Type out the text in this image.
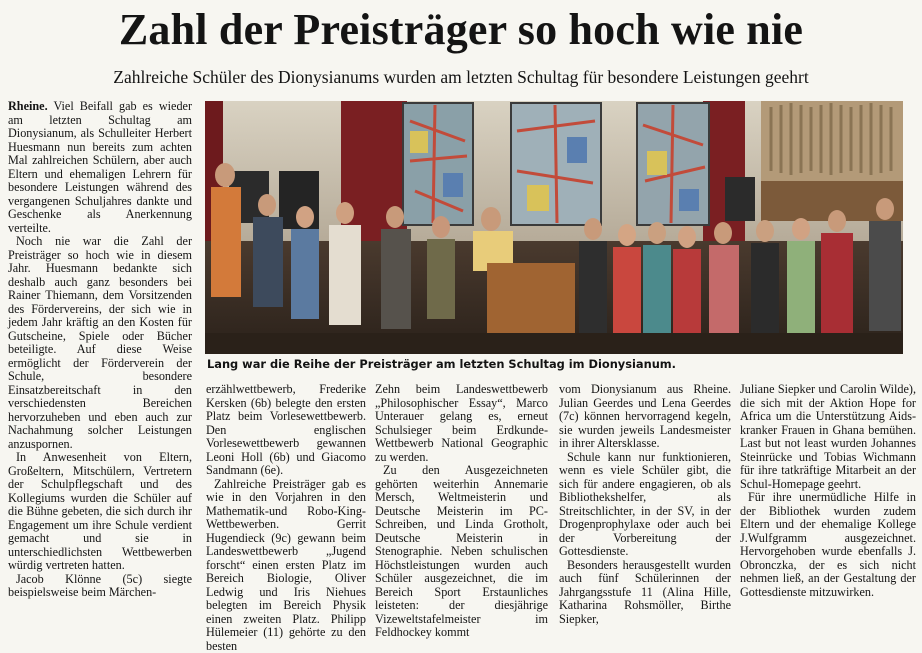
Zahl der Preisträger so hoch wie nie
Zahlreiche Schüler des Dionysianums wurden am letzten Schultag für besondere Leistungen geehrt

Rheine. Viel Beifall gab es wieder am letzten Schultag am Dionysianum, als Schulleiter Herbert Huesmann nun bereits zum achten Mal zahlreichen Schülern, aber auch Eltern und ehemaligen Lehrern für besondere Leistungen während des vergangenen Schuljahres dankte und Geschenke als Anerkennung verteilte.

Noch nie war die Zahl der Preisträger so hoch wie in diesem Jahr. Huesmann bedankte sich deshalb auch ganz besonders bei Rainer Thiemann, dem Vorsitzenden des Fördervereins, der sich wie in jedem Jahr kräftig an den Kosten für Gutscheine, Spiele oder Bücher beteiligte. Auf diese Weise ermöglicht der Förderverein der Schule, besondere Einsatzbereitschaft in den verschiedensten Bereichen hervorzuheben und eben auch zur Nachahmung solcher Leistungen anzuspornen.

In Anwesenheit von Eltern, Großeltern, Mitschülern, Vertretern der Schulpflegschaft und des Kollegiums wurden die Schüler auf die Bühne gebeten, die sich durch ihr Engagement um ihre Schule verdient gemacht und sie in unterschiedlichsten Wettbewerben würdig vertreten hatten.

Jacob Klönne (5c) siegte beispielsweise beim Märchen-

Lang war die Reihe der Preisträger am letzten Schultag im Dionysianum.

erzählwettbewerb, Frederike Kersken (6b) belegte den ersten Platz beim Vorlesewettbewerb. Den englischen Vorlesewettbewerb gewannen Leoni Holl (6b) und Giacomo Sandmann (6e).

Zahlreiche Preisträger gab es wie in den Vorjahren in den Mathematik-und Robo-King-Wettbewerben. Gerrit Hugendieck (9c) gewann beim Landeswettbewerb „Jugend forscht“ einen ersten Platz im Bereich Biologie, Oliver Ledwig und Iris Niehues belegten im Bereich Physik einen zweiten Platz. Philipp Hülemeier (11) gehörte zu den besten

Zehn beim Landeswettbewerb „Philosophischer Essay“, Marco Unterauer gelang es, erneut Schulsieger beim Erdkunde-Wettbewerb National Geographic zu werden.

Zu den Ausgezeichneten gehörten weiterhin Annemarie Mersch, Weltmeisterin und Deutsche Meisterin im PC-Schreiben, und Linda Grotholt, Deutsche Meisterin in Stenographie. Neben schulischen Höchstleistungen wurden auch Schüler ausgezeichnet, die im Bereich Sport Erstaunliches leisteten: der diesjährige Vizeweltstafelmeister im Feldhockey kommt

vom Dionysianum aus Rheine. Julian Geerdes und Lena Geerdes (7c) können hervorragend kegeln, sie wurden jeweils Landesmeister in ihrer Altersklasse.

Schule kann nur funktionieren, wenn es viele Schüler gibt, die sich für andere engagieren, ob als Bibliothekshelfer, als Streitschlichter, in der SV, in der Drogenprophylaxe oder auch bei der Vorbereitung der Gottesdienste.

Besonders herausgestellt wurden auch fünf Schülerinnen der Jahrgangsstufe 11 (Alina Hille, Katharina Rohsmöller, Birthe Siepker,

Juliane Siepker und Carolin Wilde), die sich mit der Aktion Hope for Africa um die Unterstützung Aids-kranker Frauen in Ghana bemühen. Last but not least wurden Johannes Steinrücke und Tobias Wichmann für ihre tatkräftige Mitarbeit an der Schul-Homepage geehrt.

Für ihre unermüdliche Hilfe in der Bibliothek wurden zudem Eltern und der ehemalige Kollege J.Wulfgramm ausgezeichnet. Hervorgehoben wurde ebenfalls J. Obronczka, der es sich nicht nehmen ließ, an der Gestaltung der Gottesdienste mitzuwirken.
